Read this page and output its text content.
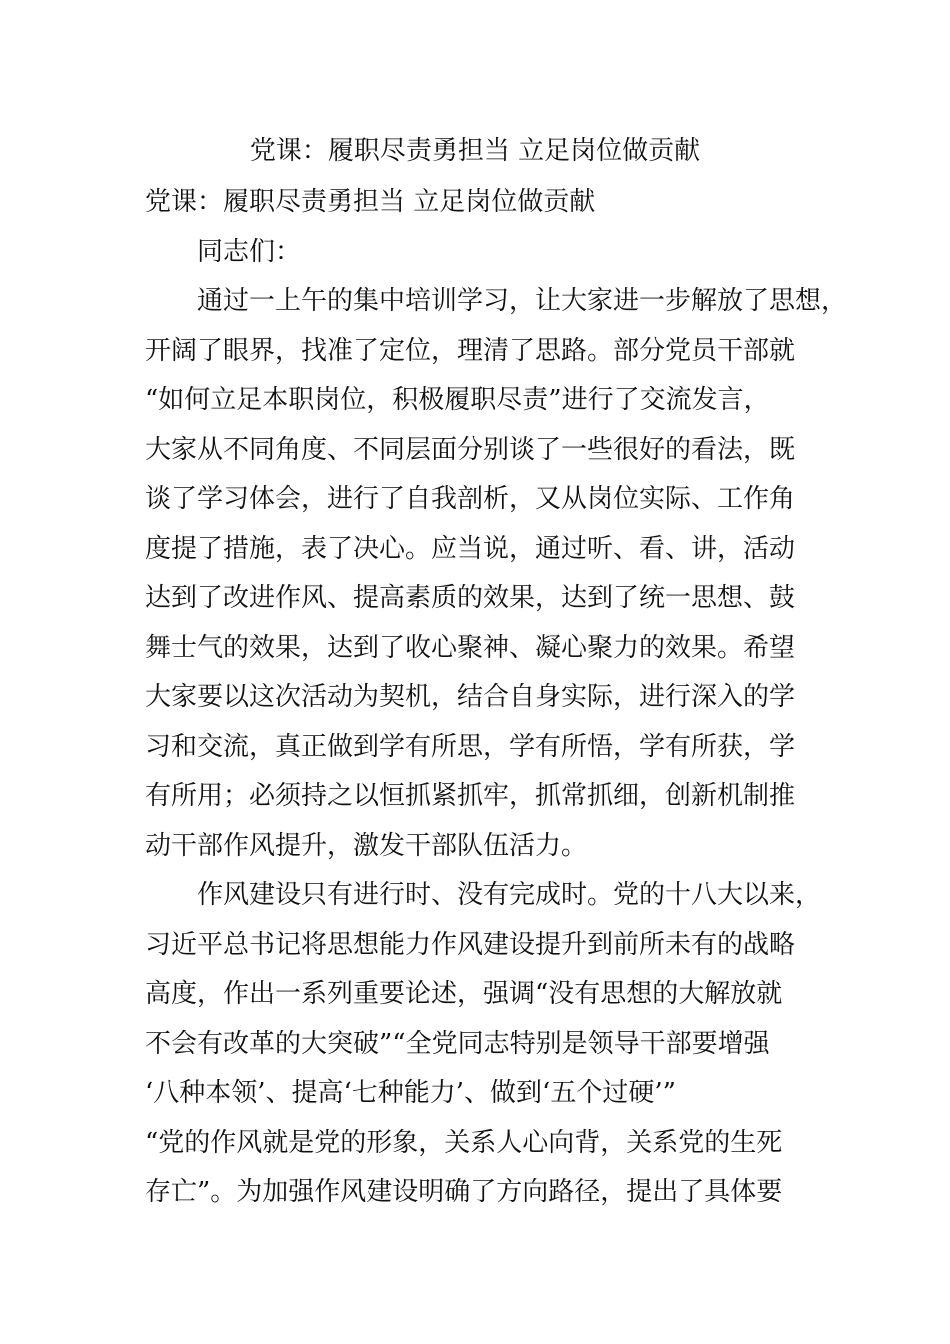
党课：履职尽责勇担当 立足岗位做贡献
党课：履职尽责勇担当 立足岗位做贡献
　　同志们：
　　通过一上午的集中培训学习，让大家进一步解放了思想，
开阔了眼界，找准了定位，理清了思路。部分党员干部就
“如何立足本职岗位，积极履职尽责”进行了交流发言，
大家从不同角度、不同层面分别谈了一些很好的看法，既
谈了学习体会，进行了自我剖析，又从岗位实际、工作角
度提了措施，表了决心。应当说，通过听、看、讲，活动
达到了改进作风、提高素质的效果，达到了统一思想、鼓
舞士气的效果，达到了收心聚神、凝心聚力的效果。希望
大家要以这次活动为契机，结合自身实际，进行深入的学
习和交流，真正做到学有所思，学有所悟，学有所获，学
有所用；必须持之以恒抓紧抓牢，抓常抓细，创新机制推
动干部作风提升，激发干部队伍活力。
　　作风建设只有进行时、没有完成时。党的十八大以来，
习近平总书记将思想能力作风建设提升到前所未有的战略
高度，作出一系列重要论述，强调“没有思想的大解放就
不会有改革的大突破”“全党同志特别是领导干部要增强
‘八种本领’、提高‘七种能力’、做到‘五个过硬’”
“党的作风就是党的形象，关系人心向背，关系党的生死
存亡”。为加强作风建设明确了方向路径，提出了具体要
